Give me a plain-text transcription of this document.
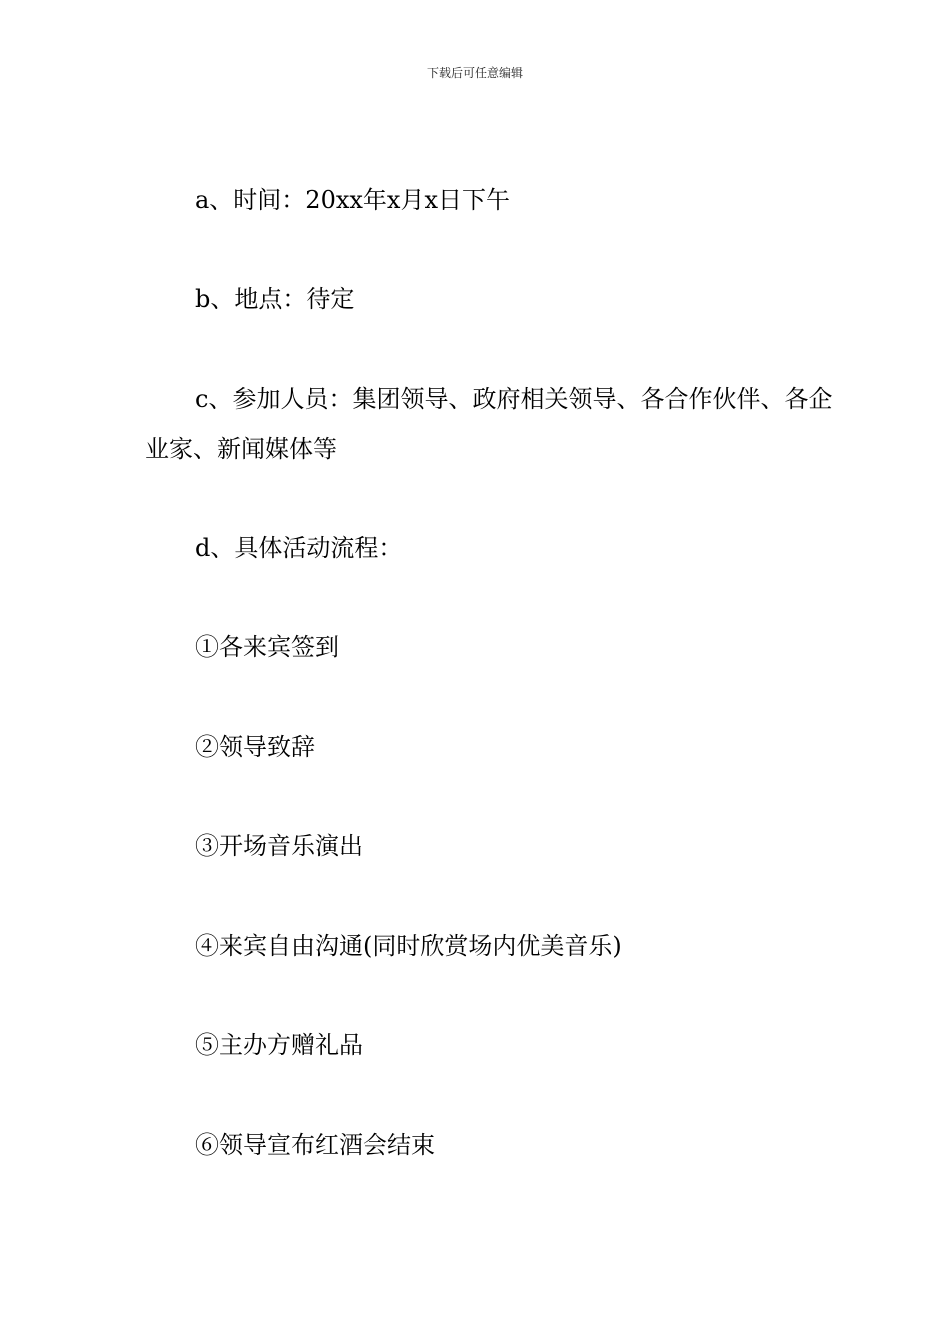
下载后可任意编辑
a、时间：20xx年x月x日下午
b、地点：待定
c、参加人员：集团领导、政府相关领导、各合作伙伴、各企业家、新闻媒体等
d、具体活动流程：
①各来宾签到
②领导致辞
③开场音乐演出
④来宾自由沟通(同时欣赏场内优美音乐)
⑤主办方赠礼品
⑥领导宣布红酒会结束
